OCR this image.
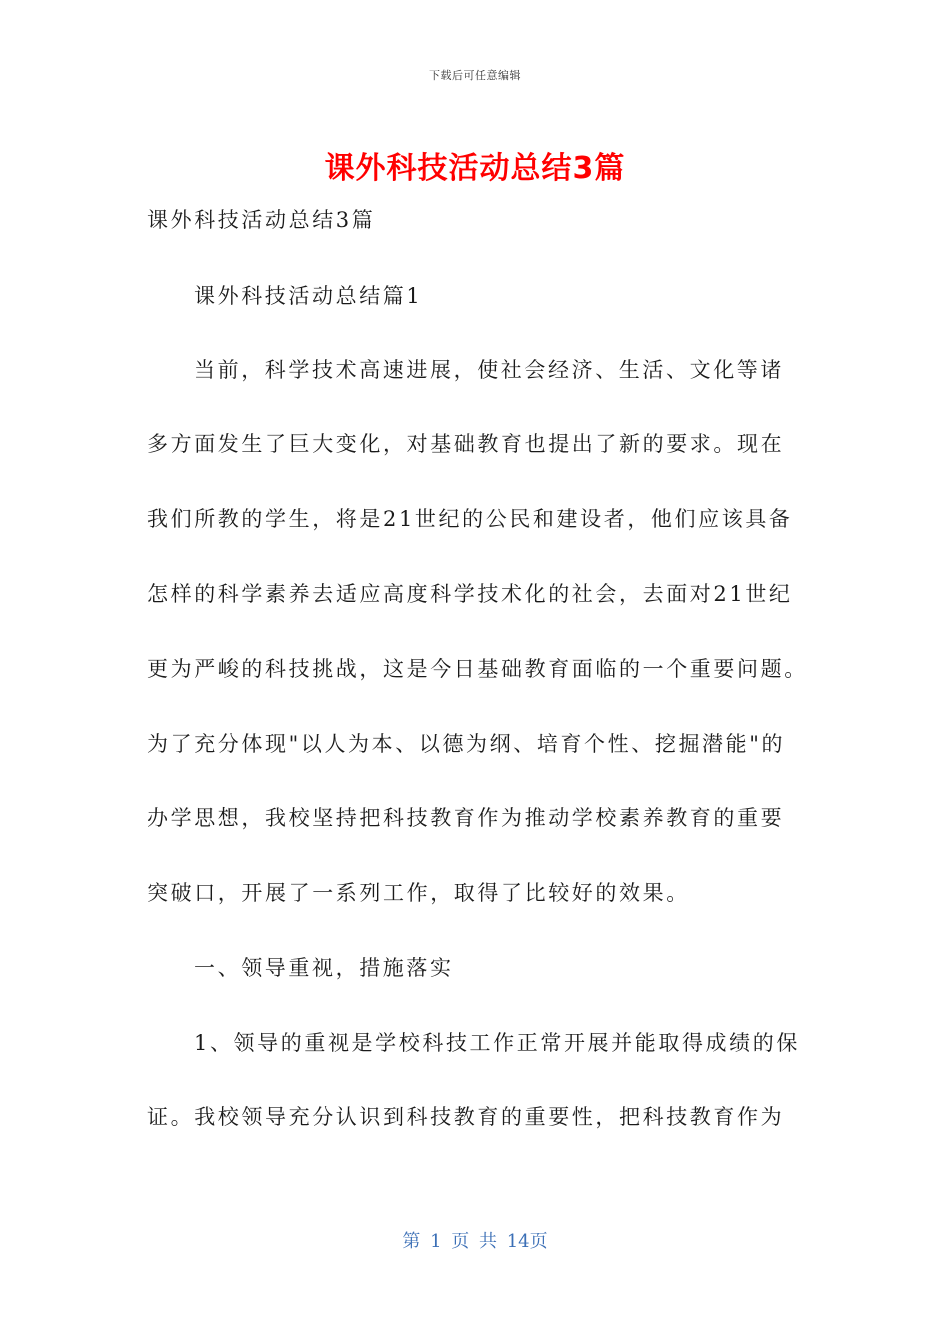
下载后可任意编辑
课外科技活动总结3篇
课外科技活动总结3篇
课外科技活动总结篇1
当前，科学技术高速进展，使社会经济、生活、文化等诸
多方面发生了巨大变化，对基础教育也提出了新的要求。现在
我们所教的学生，将是21世纪的公民和建设者，他们应该具备
怎样的科学素养去适应高度科学技术化的社会，去面对21世纪
更为严峻的科技挑战，这是今日基础教育面临的一个重要问题。
为了充分体现"以人为本、以德为纲、培育个性、挖掘潜能"的
办学思想，我校坚持把科技教育作为推动学校素养教育的重要
突破口，开展了一系列工作，取得了比较好的效果。
一、领导重视，措施落实
1、领导的重视是学校科技工作正常开展并能取得成绩的保
证。我校领导充分认识到科技教育的重要性，把科技教育作为
第 1 页 共 14页
